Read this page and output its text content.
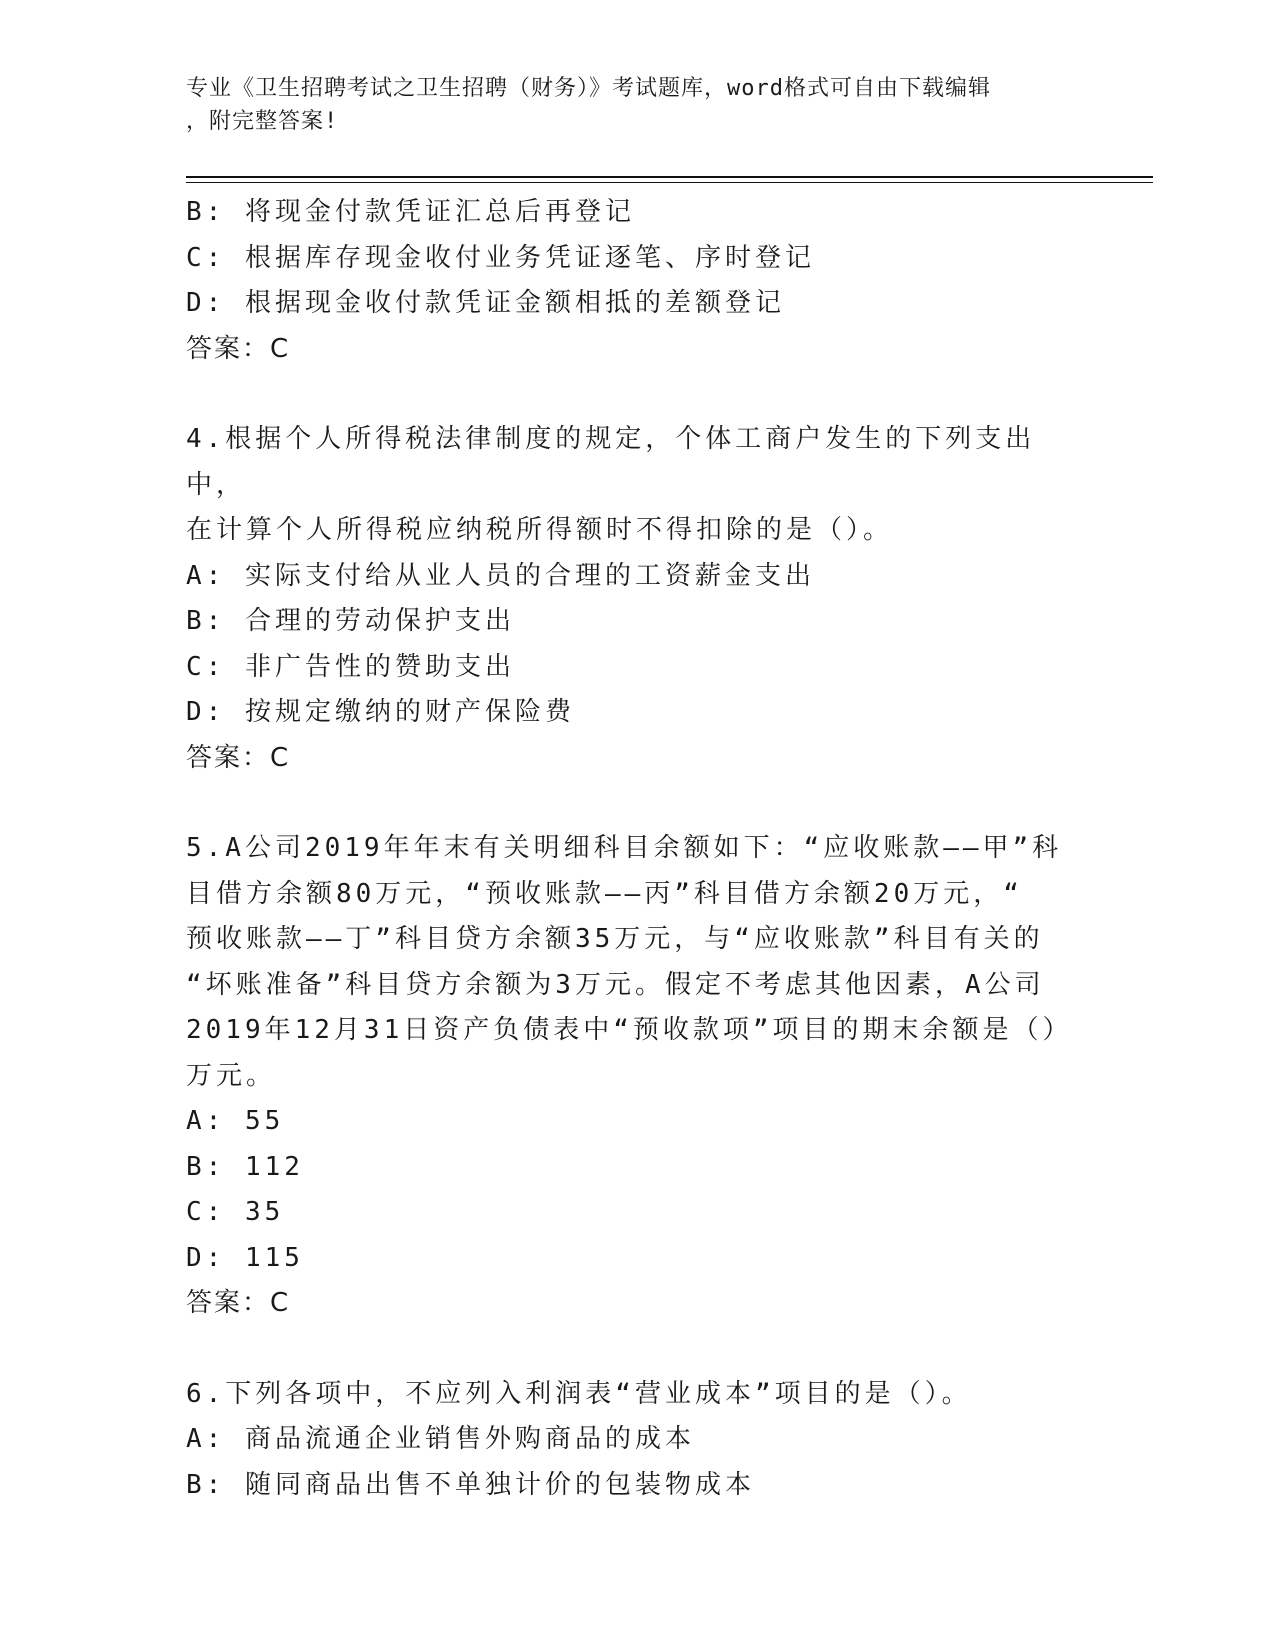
专业《卫生招聘考试之卫生招聘（财务）》考试题库，word格式可自由下载编辑
，附完整答案!
B: 将现金付款凭证汇总后再登记
C: 根据库存现金收付业务凭证逐笔、序时登记
D: 根据现金收付款凭证金额相抵的差额登记
答案：C
4.根据个人所得税法律制度的规定，个体工商户发生的下列支出中，
在计算个人所得税应纳税所得额时不得扣除的是（）。
A: 实际支付给从业人员的合理的工资薪金支出
B: 合理的劳动保护支出
C: 非广告性的赞助支出
D: 按规定缴纳的财产保险费
答案：C
5.A公司2019年年末有关明细科目余额如下：“应收账款——甲”科
目借方余额80万元，“预收账款——丙”科目借方余额20万元，“
预收账款——丁”科目贷方余额35万元，与“应收账款”科目有关的
“坏账准备”科目贷方余额为3万元。假定不考虑其他因素，A公司
2019年12月31日资产负债表中“预收款项”项目的期末余额是（）
万元。
A: 55
B: 112
C: 35
D: 115
答案：C
6.下列各项中，不应列入利润表“营业成本”项目的是（）。
A: 商品流通企业销售外购商品的成本
B: 随同商品出售不单独计价的包装物成本
